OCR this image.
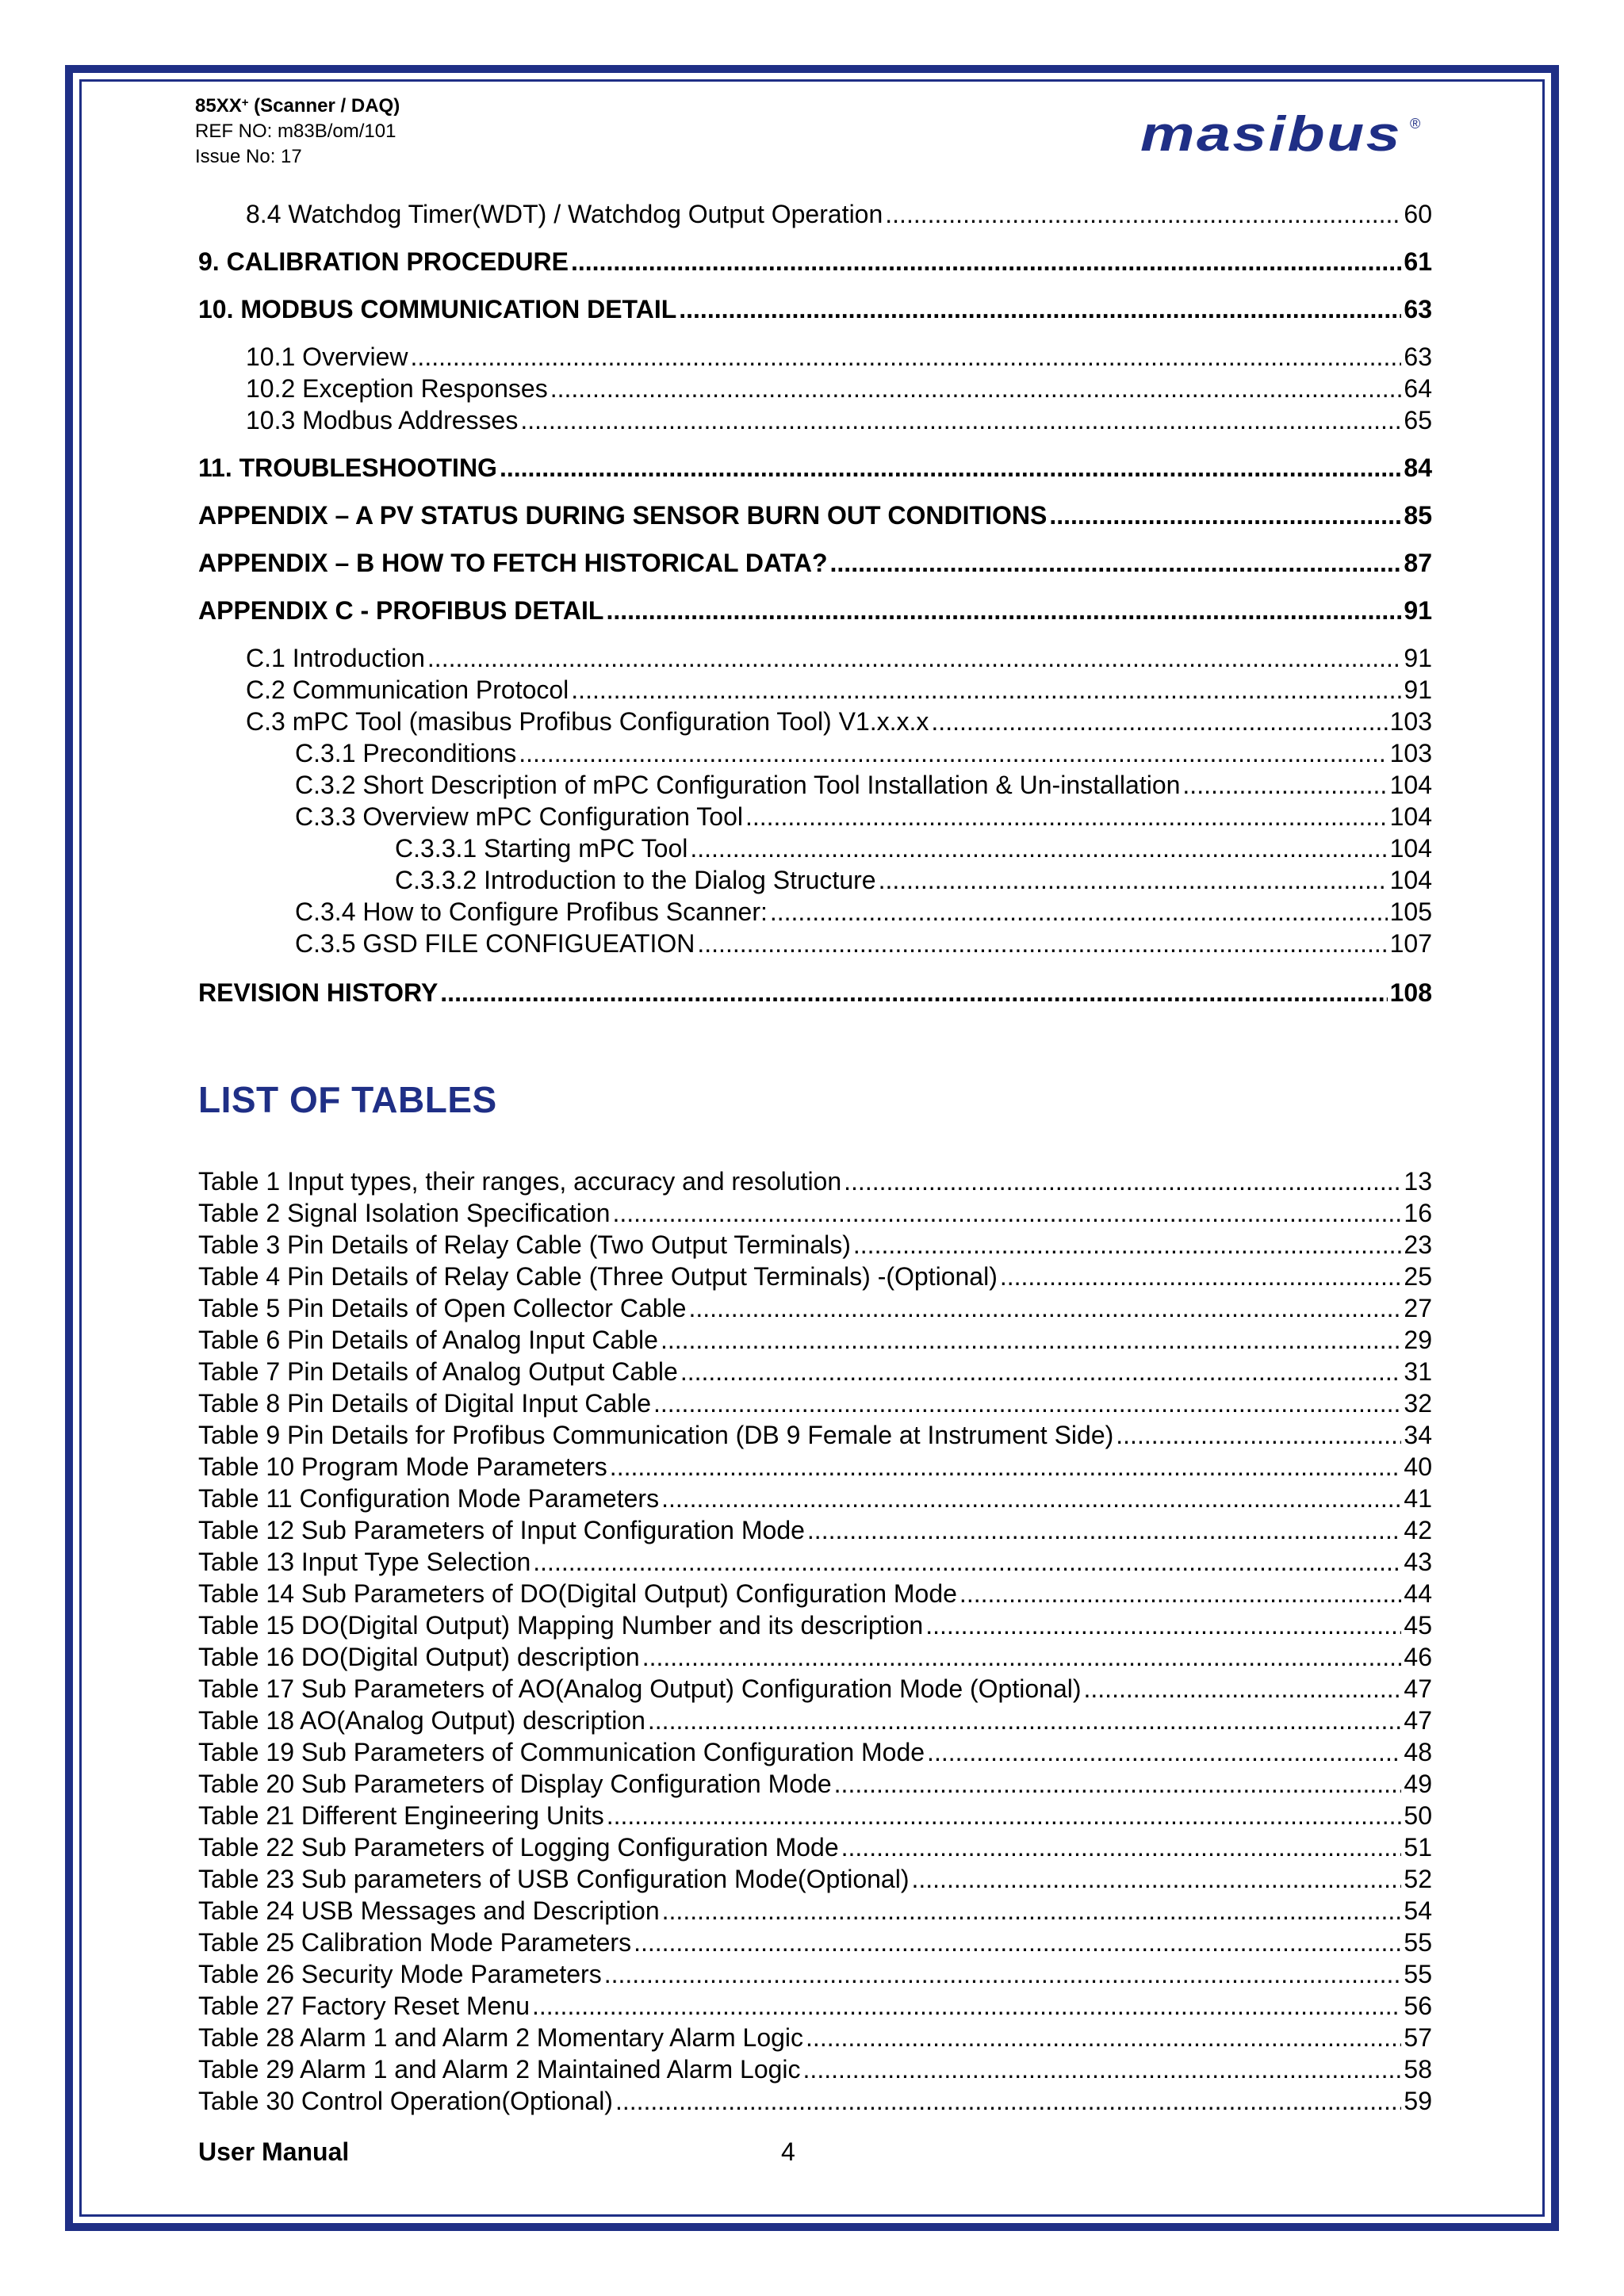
85XX+ (Scanner / DAQ)
REF NO: m83B/om/101
Issue No: 17	masibus ®
8.4 Watchdog Timer(WDT) / Watchdog Output Operation .....	60
9. CALIBRATION PROCEDURE .....	61
10. MODBUS COMMUNICATION DETAIL .....	63
10.1 Overview .....	63
10.2 Exception Responses .....	64
10.3 Modbus Addresses .....	65
11. TROUBLESHOOTING .....	84
APPENDIX – A PV STATUS DURING SENSOR BURN OUT CONDITIONS .....	85
APPENDIX – B HOW TO FETCH HISTORICAL DATA? .....	87
APPENDIX C - PROFIBUS DETAIL .....	91
C.1 Introduction .....	91
C.2 Communication Protocol .....	91
C.3 mPC Tool (masibus Profibus Configuration Tool) V1.x.x.x .....	103
C.3.1 Preconditions .....	103
C.3.2 Short Description of mPC Configuration Tool Installation & Un-installation .....	104
C.3.3 Overview mPC Configuration Tool .....	104
C.3.3.1 Starting mPC Tool .....	104
C.3.3.2 Introduction to the Dialog Structure .....	104
C.3.4 How to Configure Profibus Scanner: .....	105
C.3.5 GSD FILE CONFIGUEATION .....	107
REVISION HISTORY .....	108
LIST OF TABLES
Table 1 Input types, their ranges, accuracy and resolution .....	13
Table 2 Signal Isolation Specification .....	16
Table 3 Pin Details of Relay Cable (Two Output Terminals) .....	23
Table 4 Pin Details of Relay Cable (Three Output Terminals) -(Optional) .....	25
Table 5 Pin Details of Open Collector Cable .....	27
Table 6 Pin Details of Analog Input Cable .....	29
Table 7 Pin Details of Analog Output Cable .....	31
Table 8 Pin Details of Digital Input Cable .....	32
Table 9 Pin Details for Profibus Communication (DB 9 Female at Instrument Side) .....	34
Table 10 Program Mode Parameters .....	40
Table 11 Configuration Mode Parameters .....	41
Table 12 Sub Parameters of Input Configuration Mode .....	42
Table 13 Input Type Selection .....	43
Table 14 Sub Parameters of DO(Digital Output) Configuration Mode .....	44
Table 15 DO(Digital Output) Mapping Number and its description .....	45
Table 16 DO(Digital Output) description .....	46
Table 17 Sub Parameters of AO(Analog Output) Configuration Mode (Optional) .....	47
Table 18 AO(Analog Output) description .....	47
Table 19 Sub Parameters of Communication Configuration Mode .....	48
Table 20 Sub Parameters of Display Configuration Mode .....	49
Table 21 Different Engineering Units .....	50
Table 22 Sub Parameters of Logging Configuration Mode .....	51
Table 23 Sub parameters of USB Configuration Mode(Optional) .....	52
Table 24 USB Messages and Description .....	54
Table 25 Calibration Mode Parameters .....	55
Table 26 Security Mode Parameters .....	55
Table 27 Factory Reset Menu .....	56
Table 28 Alarm 1 and Alarm 2 Momentary Alarm Logic .....	57
Table 29 Alarm 1 and Alarm 2 Maintained Alarm Logic .....	58
Table 30 Control Operation(Optional) .....	59
User Manual	4
